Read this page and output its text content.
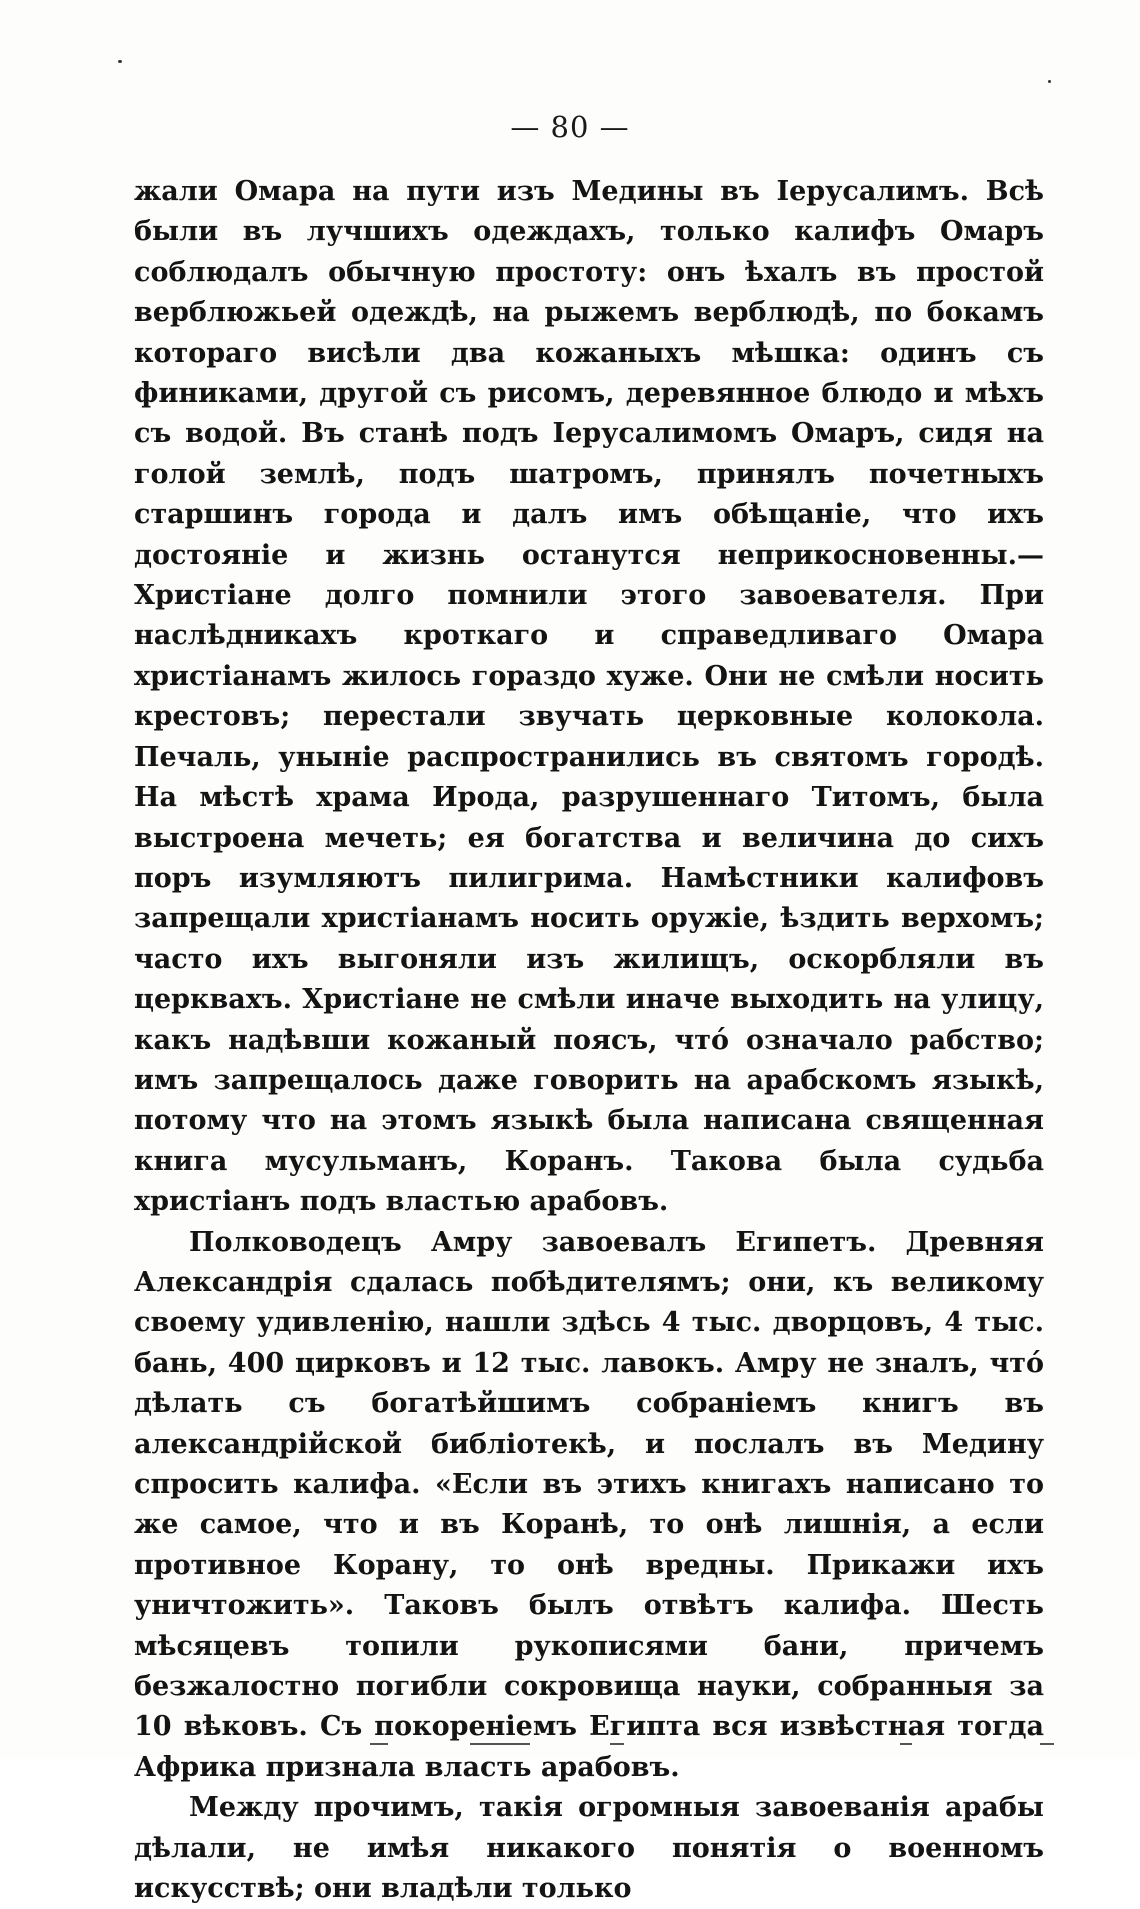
— 80 —

жали Омара на пути изъ Медины въ Іерусалимъ. Всѣ были въ лучшихъ одеждахъ, только калифъ Омаръ соблюдалъ обычную простоту: онъ ѣхалъ въ простой верблюжьей одеждѣ, на рыжемъ верблюдѣ, по бокамъ котораго висѣли два кожаныхъ мѣшка: одинъ съ финиками, другой съ рисомъ, деревянное блюдо и мѣхъ съ водой. Въ станѣ подъ Іерусалимомъ Омаръ, сидя на голой землѣ, подъ шатромъ, принялъ почетныхъ старшинъ города и далъ имъ обѣщаніе, что ихъ достояніе и жизнь останутся неприкосновенны.— Христіане долго помнили этого завоевателя. При наслѣдникахъ кроткаго и справедливаго Омара христіанамъ жилось гораздо хуже. Они не смѣли носить крестовъ; перестали звучать церковные колокола. Печаль, уныніе распространились въ святомъ городѣ. На мѣстѣ храма Ирода, разрушеннаго Титомъ, была выстроена мечеть; ея богатства и величина до сихъ поръ изумляютъ пилигрима. Намѣстники калифовъ запрещали христіанамъ носить оружіе, ѣздить верхомъ; часто ихъ выгоняли изъ жилищъ, оскорбляли въ церквахъ. Христіане не смѣли иначе выходить на улицу, какъ надѣвши кожаный поясъ, что́ означало рабство; имъ запрещалось даже говорить на арабскомъ языкѣ, потому что на этомъ языкѣ была написана священная книга мусульманъ, Коранъ. Такова была судьба христіанъ подъ властью арабовъ.

Полководецъ Амру завоевалъ Египетъ. Древняя Александрія сдалась побѣдителямъ; они, къ великому своему удивленію, нашли здѣсь 4 тыс. дворцовъ, 4 тыс. бань, 400 цирковъ и 12 тыс. лавокъ. Амру не зналъ, что́ дѣлать съ богатѣйшимъ собраніемъ книгъ въ александрійской библіотекѣ, и послалъ въ Медину спросить калифа. «Если въ этихъ книгахъ написано то же самое, что и въ Коранѣ, то онѣ лишнія, а если противное Корану, то онѣ вредны. Прикажи ихъ уничтожить». Таковъ былъ отвѣтъ калифа. Шесть мѣсяцевъ топили рукописями бани, причемъ безжалостно погибли сокровища науки, собранныя за 10 вѣковъ. Съ покореніемъ Египта вся извѣстная тогда Африка признала власть арабовъ.

Между прочимъ, такія огромныя завоеванія арабы дѣлали, не имѣя никакого понятія о военномъ искусствѣ; они владѣли только
